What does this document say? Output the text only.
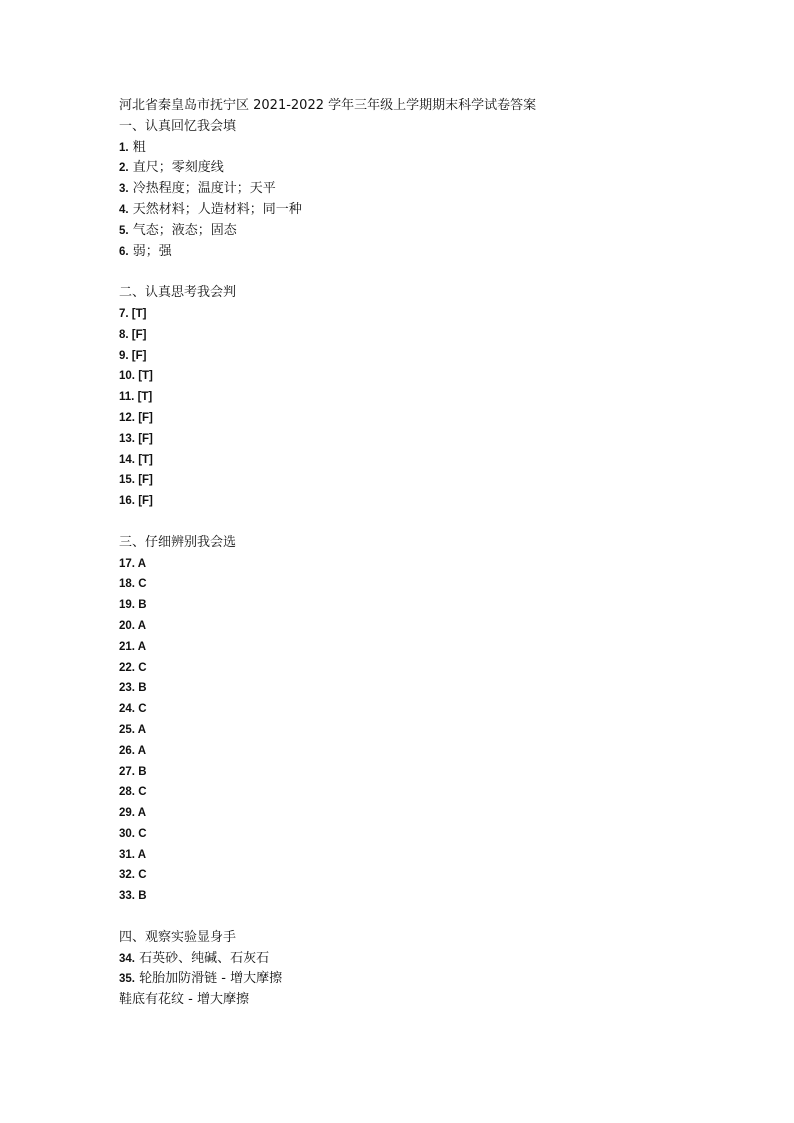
河北省秦皇岛市抚宁区 2021-2022 学年三年级上学期期末科学试卷答案
一、认真回忆我会填
1. 粗
2. 直尺；零刻度线
3. 冷热程度；温度计；天平
4. 天然材料；人造材料；同一种
5. 气态；液态；固态
6. 弱；强
二、认真思考我会判
7. [T]
8. [F]
9. [F]
10. [T]
11. [T]
12. [F]
13. [F]
14. [T]
15. [F]
16. [F]
三、仔细辨别我会选
17. A
18. C
19. B
20. A
21. A
22. C
23. B
24. C
25. A
26. A
27. B
28. C
29. A
30. C
31. A
32. C
33. B
四、观察实验显身手
34. 石英砂、纯碱、石灰石
35. 轮胎加防滑链 - 增大摩擦
鞋底有花纹 - 增大摩擦
